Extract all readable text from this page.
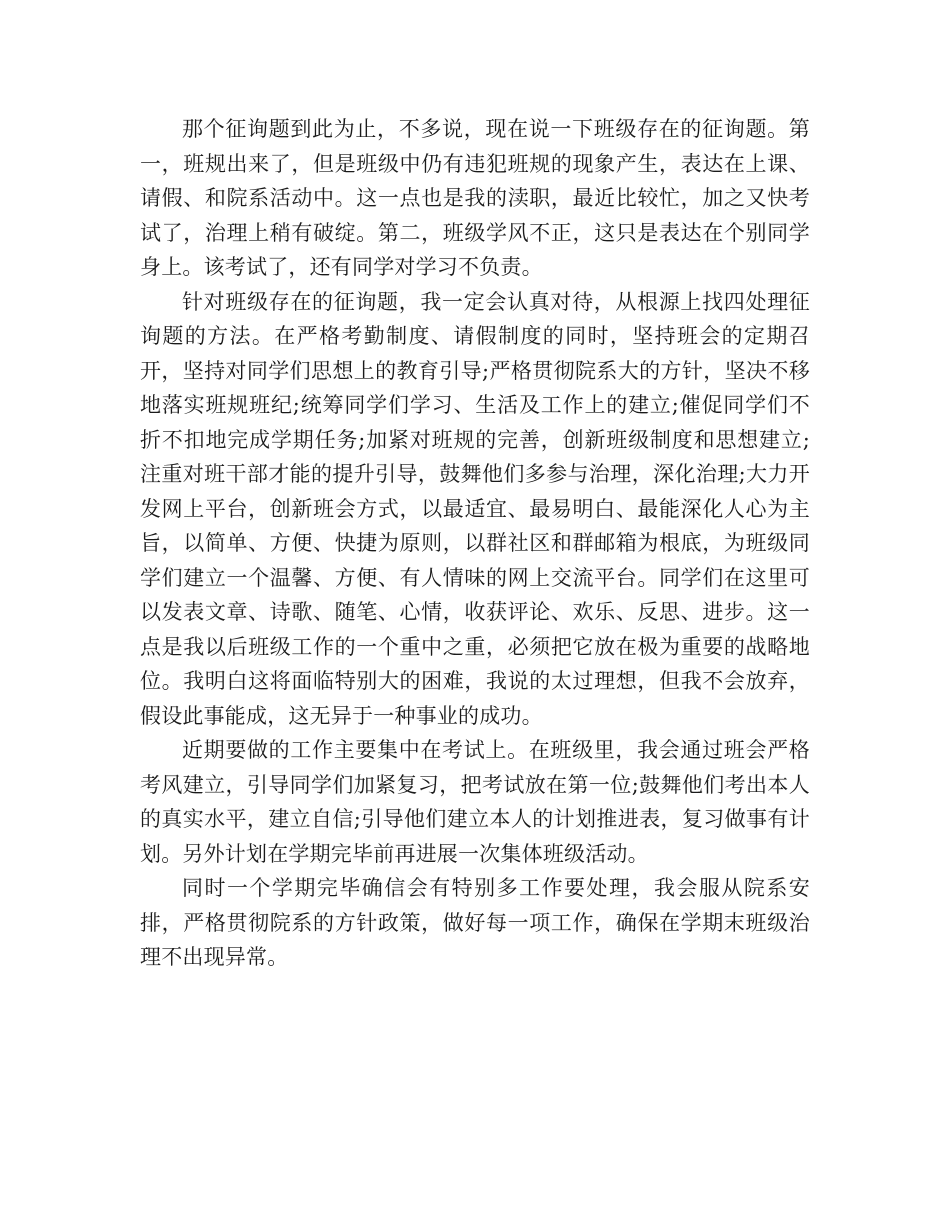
那个征询题到此为止，不多说，现在说一下班级存在的征询题。第一，班规出来了，但是班级中仍有违犯班规的现象产生，表达在上课、请假、和院系活动中。这一点也是我的渎职，最近比较忙，加之又快考试了，治理上稍有破绽。第二，班级学风不正，这只是表达在个别同学身上。该考试了，还有同学对学习不负责。

针对班级存在的征询题，我一定会认真对待，从根源上找四处理征询题的方法。在严格考勤制度、请假制度的同时，坚持班会的定期召开，坚持对同学们思想上的教育引导;严格贯彻院系大的方针，坚决不移地落实班规班纪;统筹同学们学习、生活及工作上的建立;催促同学们不折不扣地完成学期任务;加紧对班规的完善，创新班级制度和思想建立;注重对班干部才能的提升引导，鼓舞他们多参与治理，深化治理;大力开发网上平台，创新班会方式，以最适宜、最易明白、最能深化人心为主旨，以简单、方便、快捷为原则，以群社区和群邮箱为根底，为班级同学们建立一个温馨、方便、有人情味的网上交流平台。同学们在这里可以发表文章、诗歌、随笔、心情，收获评论、欢乐、反思、进步。这一点是我以后班级工作的一个重中之重，必须把它放在极为重要的战略地位。我明白这将面临特别大的困难，我说的太过理想，但我不会放弃，假设此事能成，这无异于一种事业的成功。

近期要做的工作主要集中在考试上。在班级里，我会通过班会严格考风建立，引导同学们加紧复习，把考试放在第一位;鼓舞他们考出本人的真实水平，建立自信;引导他们建立本人的计划推进表，复习做事有计划。另外计划在学期完毕前再进展一次集体班级活动。

同时一个学期完毕确信会有特别多工作要处理，我会服从院系安排，严格贯彻院系的方针政策，做好每一项工作，确保在学期末班级治理不出现异常。
